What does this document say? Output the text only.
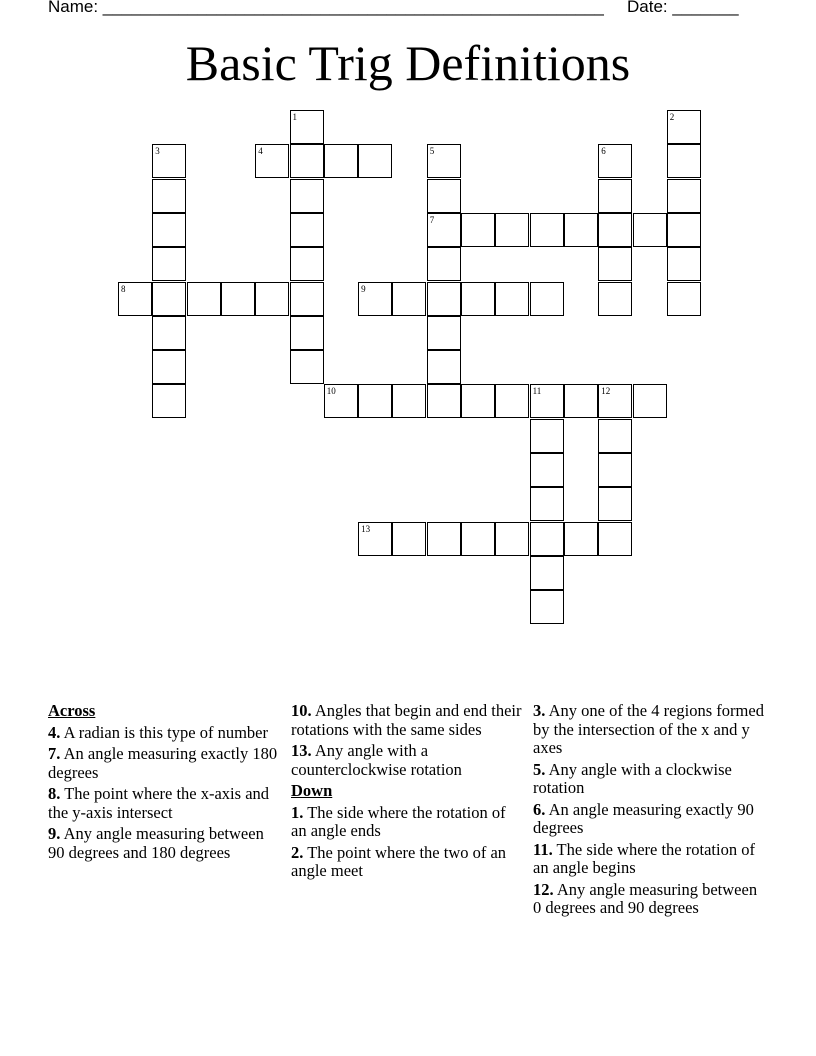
Name: _____________________________________________________ Date: _______
Basic Trig Definitions
1	2
3	4	5
7
6
8	9
10	11	12
13
Across
4. A radian is this type of number
7. An angle measuring exactly 180 degrees
8. The point where the x-axis and the y-axis intersect
9. Any angle measuring between 90 degrees and 180 degrees
10. Angles that begin and end their rotations with the same sides
13. Any angle with a counterclockwise rotation
Down
1. The side where the rotation of an angle ends
2. The point where the two of an angle meet
3. Any one of the 4 regions formed by the intersection of the x and y axes
5. Any angle with a clockwise rotation
6. An angle measuring exactly 90 degrees
11. The side where the rotation of an angle begins
12. Any angle measuring between 0 degrees and 90 degrees
